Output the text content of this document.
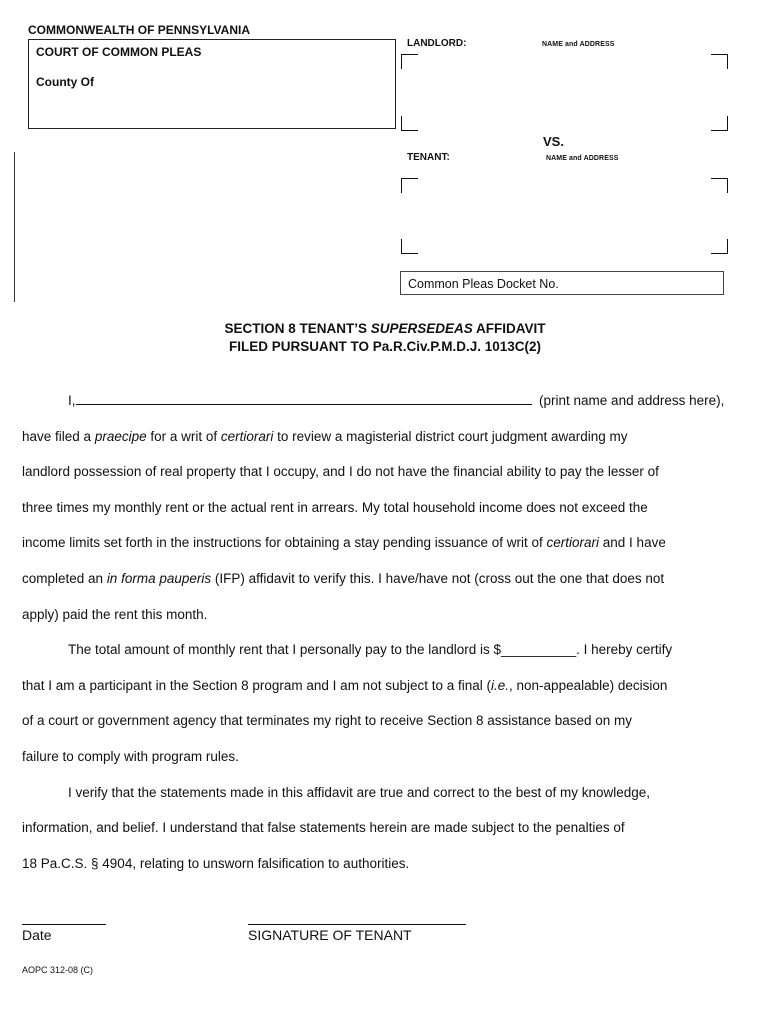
COMMONWEALTH OF PENNSYLVANIA
COURT OF COMMON PLEAS
County Of
LANDLORD:	NAME and ADDRESS
VS.
TENANT:	NAME and ADDRESS
Common Pleas Docket No.
SECTION 8 TENANT’S SUPERSEDEAS AFFIDAVIT
FILED PURSUANT TO Pa.R.Civ.P.M.D.J. 1013C(2)
I,	(print name and address here),
have filed a praecipe for a writ of certiorari to review a magisterial district court judgment awarding my
landlord possession of real property that I occupy, and I do not have the financial ability to pay the lesser of
three times my monthly rent or the actual rent in arrears. My total household income does not exceed the
income limits set forth in the instructions for obtaining a stay pending issuance of writ of certiorari and I have
completed an in forma pauperis (IFP) affidavit to verify this. I have/have not (cross out the one that does not
apply) paid the rent this month.
The total amount of monthly rent that I personally pay to the landlord is $__________. I hereby certify
that I am a participant in the Section 8 program and I am not subject to a final (i.e., non-appealable) decision
of a court or government agency that terminates my right to receive Section 8 assistance based on my
failure to comply with program rules.
I verify that the statements made in this affidavit are true and correct to the best of my knowledge,
information, and belief. I understand that false statements herein are made subject to the penalties of
18 Pa.C.S. § 4904, relating to unsworn falsification to authorities.
Date	SIGNATURE OF TENANT
AOPC 312-08 (C)
